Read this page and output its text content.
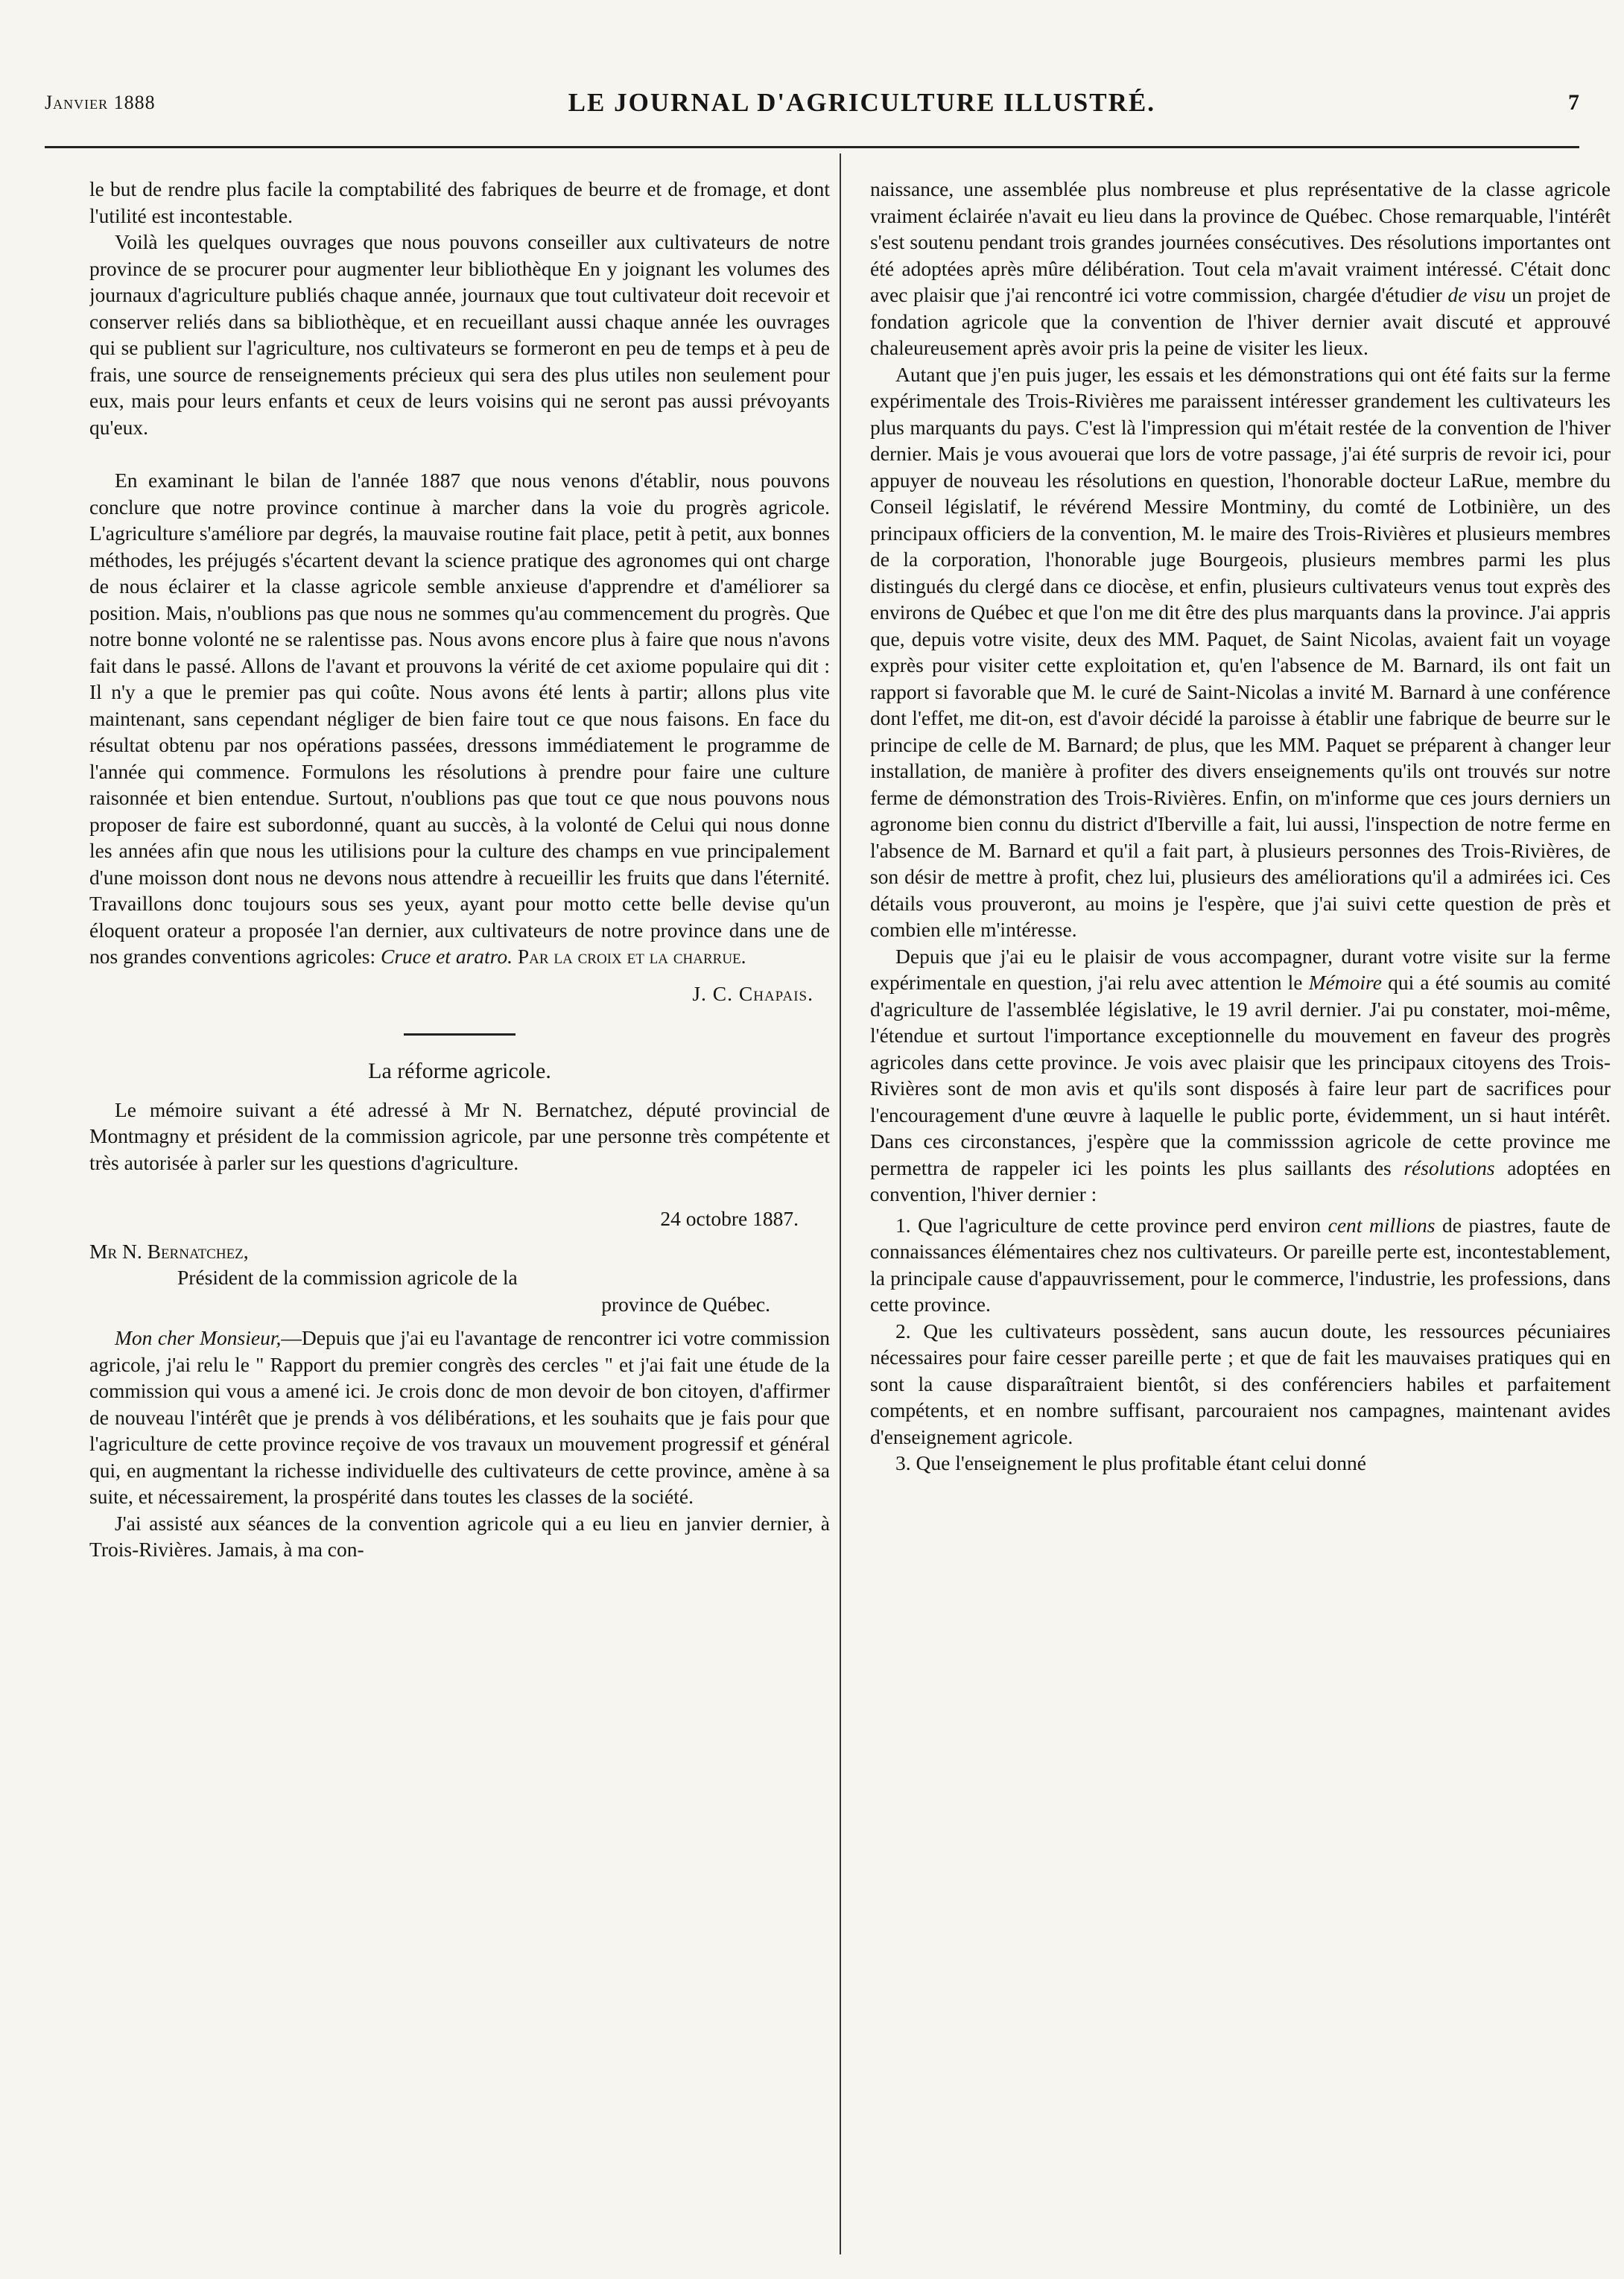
Janvier 1888	LE JOURNAL D'AGRICULTURE ILLUSTRÉ.	7

le but de rendre plus facile la comptabilité des fabriques de beurre et de fromage, et dont l'utilité est incontestable.

Voilà les quelques ouvrages que nous pouvons conseiller aux cultivateurs de notre province de se procurer pour augmenter leur bibliothèque En y joignant les volumes des journaux d'agriculture publiés chaque année, journaux que tout cultivateur doit recevoir et conserver reliés dans sa bibliothèque, et en recueillant aussi chaque année les ouvrages qui se publient sur l'agriculture, nos cultivateurs se formeront en peu de temps et à peu de frais, une source de renseignements précieux qui sera des plus utiles non seulement pour eux, mais pour leurs enfants et ceux de leurs voisins qui ne seront pas aussi prévoyants qu'eux.

En examinant le bilan de l'année 1887 que nous venons d'établir, nous pouvons conclure que notre province continue à marcher dans la voie du progrès agricole. L'agriculture s'améliore par degrés, la mauvaise routine fait place, petit à petit, aux bonnes méthodes, les préjugés s'écartent devant la science pratique des agronomes qui ont charge de nous éclairer et la classe agricole semble anxieuse d'apprendre et d'améliorer sa position. Mais, n'oublions pas que nous ne sommes qu'au commencement du progrès. Que notre bonne volonté ne se ralentisse pas. Nous avons encore plus à faire que nous n'avons fait dans le passé. Allons de l'avant et prouvons la vérité de cet axiome populaire qui dit : Il n'y a que le premier pas qui coûte. Nous avons été lents à partir; allons plus vite maintenant, sans cependant négliger de bien faire tout ce que nous faisons. En face du résultat obtenu par nos opérations passées, dressons immédiatement le programme de l'année qui commence. Formulons les résolutions à prendre pour faire une culture raisonnée et bien entendue. Surtout, n'oublions pas que tout ce que nous pouvons nous proposer de faire est subordonné, quant au succès, à la volonté de Celui qui nous donne les années afin que nous les utilisions pour la culture des champs en vue principalement d'une moisson dont nous ne devons nous attendre à recueillir les fruits que dans l'éternité. Travaillons donc toujours sous ses yeux, ayant pour motto cette belle devise qu'un éloquent orateur a proposée l'an dernier, aux cultivateurs de notre province dans une de nos grandes conventions agricoles: Cruce et aratro. Par la croix et la charrue.

J. C. Chapais.
La réforme agricole.

Le mémoire suivant a été adressé à Mr N. Bernatchez, député provincial de Montmagny et président de la commission agricole, par une personne très compétente et très autorisée à parler sur les questions d'agriculture.

24 octobre 1887.
Mr N. Bernatchez,
Président de la commission agricole de la
province de Québec.

Mon cher Monsieur,—Depuis que j'ai eu l'avantage de rencontrer ici votre commission agricole, j'ai relu le " Rapport du premier congrès des cercles " et j'ai fait une étude de la commission qui vous a amené ici. Je crois donc de mon devoir de bon citoyen, d'affirmer de nouveau l'intérêt que je prends à vos délibérations, et les souhaits que je fais pour que l'agriculture de cette province reçoive de vos travaux un mouvement progressif et général qui, en augmentant la richesse individuelle des cultivateurs de cette province, amène à sa suite, et nécessairement, la prospérité dans toutes les classes de la société.

J'ai assisté aux séances de la convention agricole qui a eu lieu en janvier dernier, à Trois-Rivières. Jamais, à ma con-

naissance, une assemblée plus nombreuse et plus représentative de la classe agricole vraiment éclairée n'avait eu lieu dans la province de Québec. Chose remarquable, l'intérêt s'est soutenu pendant trois grandes journées consécutives. Des résolutions importantes ont été adoptées après mûre délibération. Tout cela m'avait vraiment intéressé. C'était donc avec plaisir que j'ai rencontré ici votre commission, chargée d'étudier de visu un projet de fondation agricole que la convention de l'hiver dernier avait discuté et approuvé chaleureusement après avoir pris la peine de visiter les lieux.

Autant que j'en puis juger, les essais et les démonstrations qui ont été faits sur la ferme expérimentale des Trois-Rivières me paraissent intéresser grandement les cultivateurs les plus marquants du pays. C'est là l'impression qui m'était restée de la convention de l'hiver dernier. Mais je vous avouerai que lors de votre passage, j'ai été surpris de revoir ici, pour appuyer de nouveau les résolutions en question, l'honorable docteur LaRue, membre du Conseil législatif, le révérend Messire Montminy, du comté de Lotbinière, un des principaux officiers de la convention, M. le maire des Trois-Rivières et plusieurs membres de la corporation, l'honorable juge Bourgeois, plusieurs membres parmi les plus distingués du clergé dans ce diocèse, et enfin, plusieurs cultivateurs venus tout exprès des environs de Québec et que l'on me dit être des plus marquants dans la province. J'ai appris que, depuis votre visite, deux des MM. Paquet, de Saint Nicolas, avaient fait un voyage exprès pour visiter cette exploitation et, qu'en l'absence de M. Barnard, ils ont fait un rapport si favorable que M. le curé de Saint-Nicolas a invité M. Barnard à une conférence dont l'effet, me dit-on, est d'avoir décidé la paroisse à établir une fabrique de beurre sur le principe de celle de M. Barnard; de plus, que les MM. Paquet se préparent à changer leur installation, de manière à profiter des divers enseignements qu'ils ont trouvés sur notre ferme de démonstration des Trois-Rivières. Enfin, on m'informe que ces jours derniers un agronome bien connu du district d'Iberville a fait, lui aussi, l'inspection de notre ferme en l'absence de M. Barnard et qu'il a fait part, à plusieurs personnes des Trois-Rivières, de son désir de mettre à profit, chez lui, plusieurs des améliorations qu'il a admirées ici. Ces détails vous prouveront, au moins je l'espère, que j'ai suivi cette question de près et combien elle m'intéresse.

Depuis que j'ai eu le plaisir de vous accompagner, durant votre visite sur la ferme expérimentale en question, j'ai relu avec attention le Mémoire qui a été soumis au comité d'agriculture de l'assemblée législative, le 19 avril dernier. J'ai pu constater, moi-même, l'étendue et surtout l'importance exceptionnelle du mouvement en faveur des progrès agricoles dans cette province. Je vois avec plaisir que les principaux citoyens des Trois-Rivières sont de mon avis et qu'ils sont disposés à faire leur part de sacrifices pour l'encouragement d'une œuvre à laquelle le public porte, évidemment, un si haut intérêt. Dans ces circonstances, j'espère que la commisssion agricole de cette province me permettra de rappeler ici les points les plus saillants des résolutions adoptées en convention, l'hiver dernier :

1. Que l'agriculture de cette province perd environ cent millions de piastres, faute de connaissances élémentaires chez nos cultivateurs. Or pareille perte est, incontestablement, la principale cause d'appauvrissement, pour le commerce, l'industrie, les professions, dans cette province.

2. Que les cultivateurs possèdent, sans aucun doute, les ressources pécuniaires nécessaires pour faire cesser pareille perte ; et que de fait les mauvaises pratiques qui en sont la cause disparaîtraient bientôt, si des conférenciers habiles et parfaitement compétents, et en nombre suffisant, parcouraient nos campagnes, maintenant avides d'enseignement agricole.

3. Que l'enseignement le plus profitable étant celui donné
